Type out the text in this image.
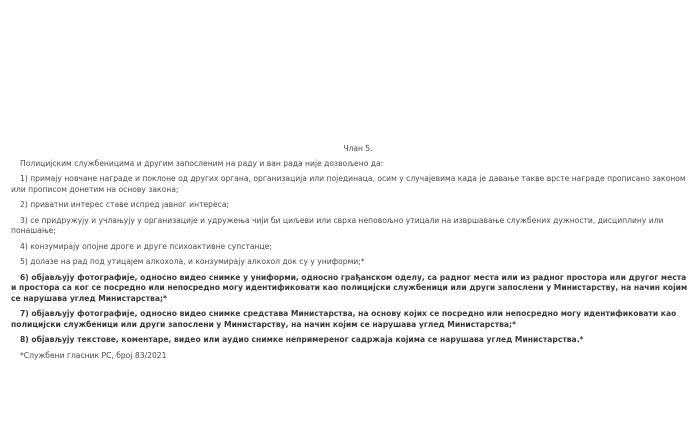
Члан 5.

Полицијским службеницима и другим запосленим на раду и ван рада није дозвољено да:

1) примају новчане награде и поклоне од других органа, организација или појединаца, осим у случајевима када је давање такве врсте награде прописано законом или прописом донетим на основу закона;

2) приватни интерес ставе испред јавног интереса;

3) се придружују и учлањују у организације и удружења чији би циљеви или сврха неповољно утицали на извршавање службених дужности, дисциплину или понашање;

4) конзумирају опојне дроге и друге психоактивне супстанце;

5) долазе на рад под утицајем алкохола, и конзумирају алкохол док су у униформи;*

6) објављују фотографије, односно видео снимке у униформи, односно грађанском оделу, са радног места или из радног простора или другог места и простора са ког се посредно или непосредно могу идентификовати као полицијски службеници или други запослени у Министарству, на начин којим се нарушава углед Министарства;*

7) објављују фотографије, односно видео снимке средстава Министарства, на основу којих се посредно или непосредно могу идентификовати као полицијски службеници или други запослени у Министарству, на начин којим се нарушава углед Министарства;*

8) објављују текстове, коментаре, видео или аудио снимке непримереног садржаја којима се нарушава углед Министарства.*

*Службени гласник РС, број 83/2021
